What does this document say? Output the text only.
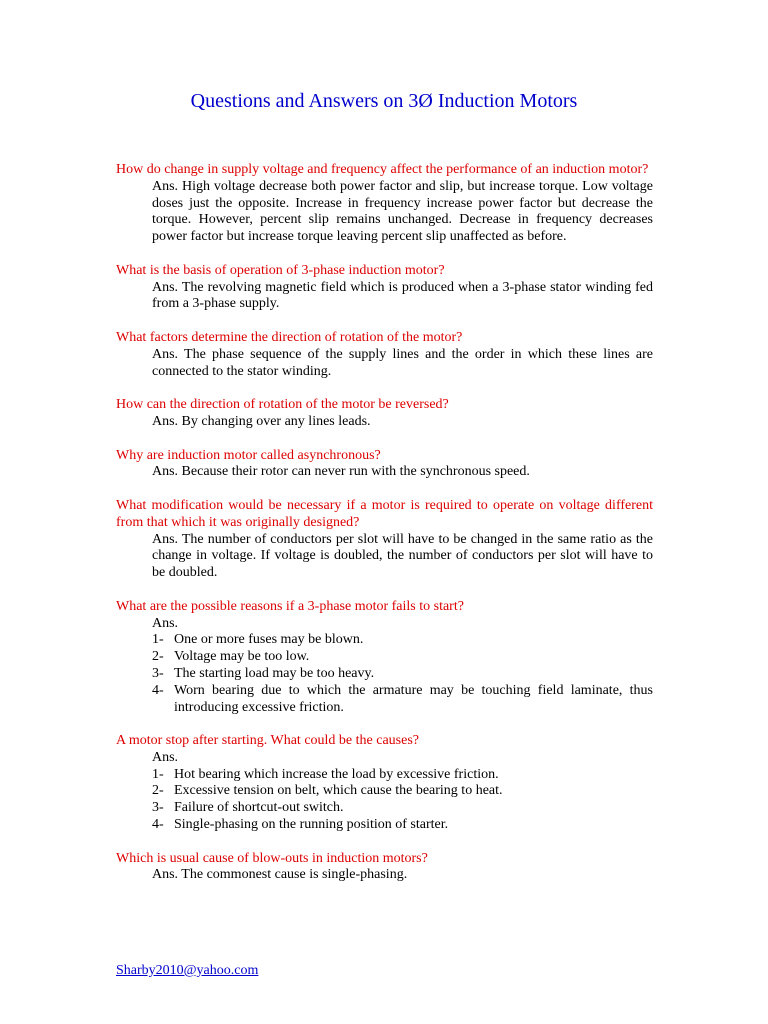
Questions and Answers on 3Ø Induction Motors

How do change in supply voltage and frequency affect the performance of an induction motor?

Ans. High voltage decrease both power factor and slip, but increase torque. Low voltage doses just the opposite. Increase in frequency increase power factor but decrease the torque. However, percent slip remains unchanged. Decrease in frequency decreases power factor but increase torque leaving percent slip unaffected as before.

What is the basis of operation of 3-phase induction motor?

Ans. The revolving magnetic field which is produced when a 3-phase stator winding fed from a 3-phase supply.

What factors determine the direction of rotation of the motor?

Ans. The phase sequence of the supply lines and the order in which these lines are connected to the stator winding.

How can the direction of rotation of the motor be reversed?

Ans. By changing over any lines leads.

Why are induction motor called asynchronous?

Ans. Because their rotor can never run with the synchronous speed.

What modification would be necessary if a motor is required to operate on voltage different from that which it was originally designed?

Ans. The number of conductors per slot will have to be changed in the same ratio as the change in voltage. If voltage is doubled, the number of conductors per slot will have to be doubled.

What are the possible reasons if a 3-phase motor fails to start?

Ans.

1- One or more fuses may be blown.
2- Voltage may be too low.
3- The starting load may be too heavy.
4- Worn bearing due to which the armature may be touching field laminate, thus introducing excessive friction.

A motor stop after starting. What could be the causes?

Ans.

1- Hot bearing which increase the load by excessive friction.
2- Excessive tension on belt, which cause the bearing to heat.
3- Failure of shortcut-out switch.
4- Single-phasing on the running position of starter.

Which is usual cause of blow-outs in induction motors?

Ans. The commonest cause is single-phasing.

Sharby2010@yahoo.com
